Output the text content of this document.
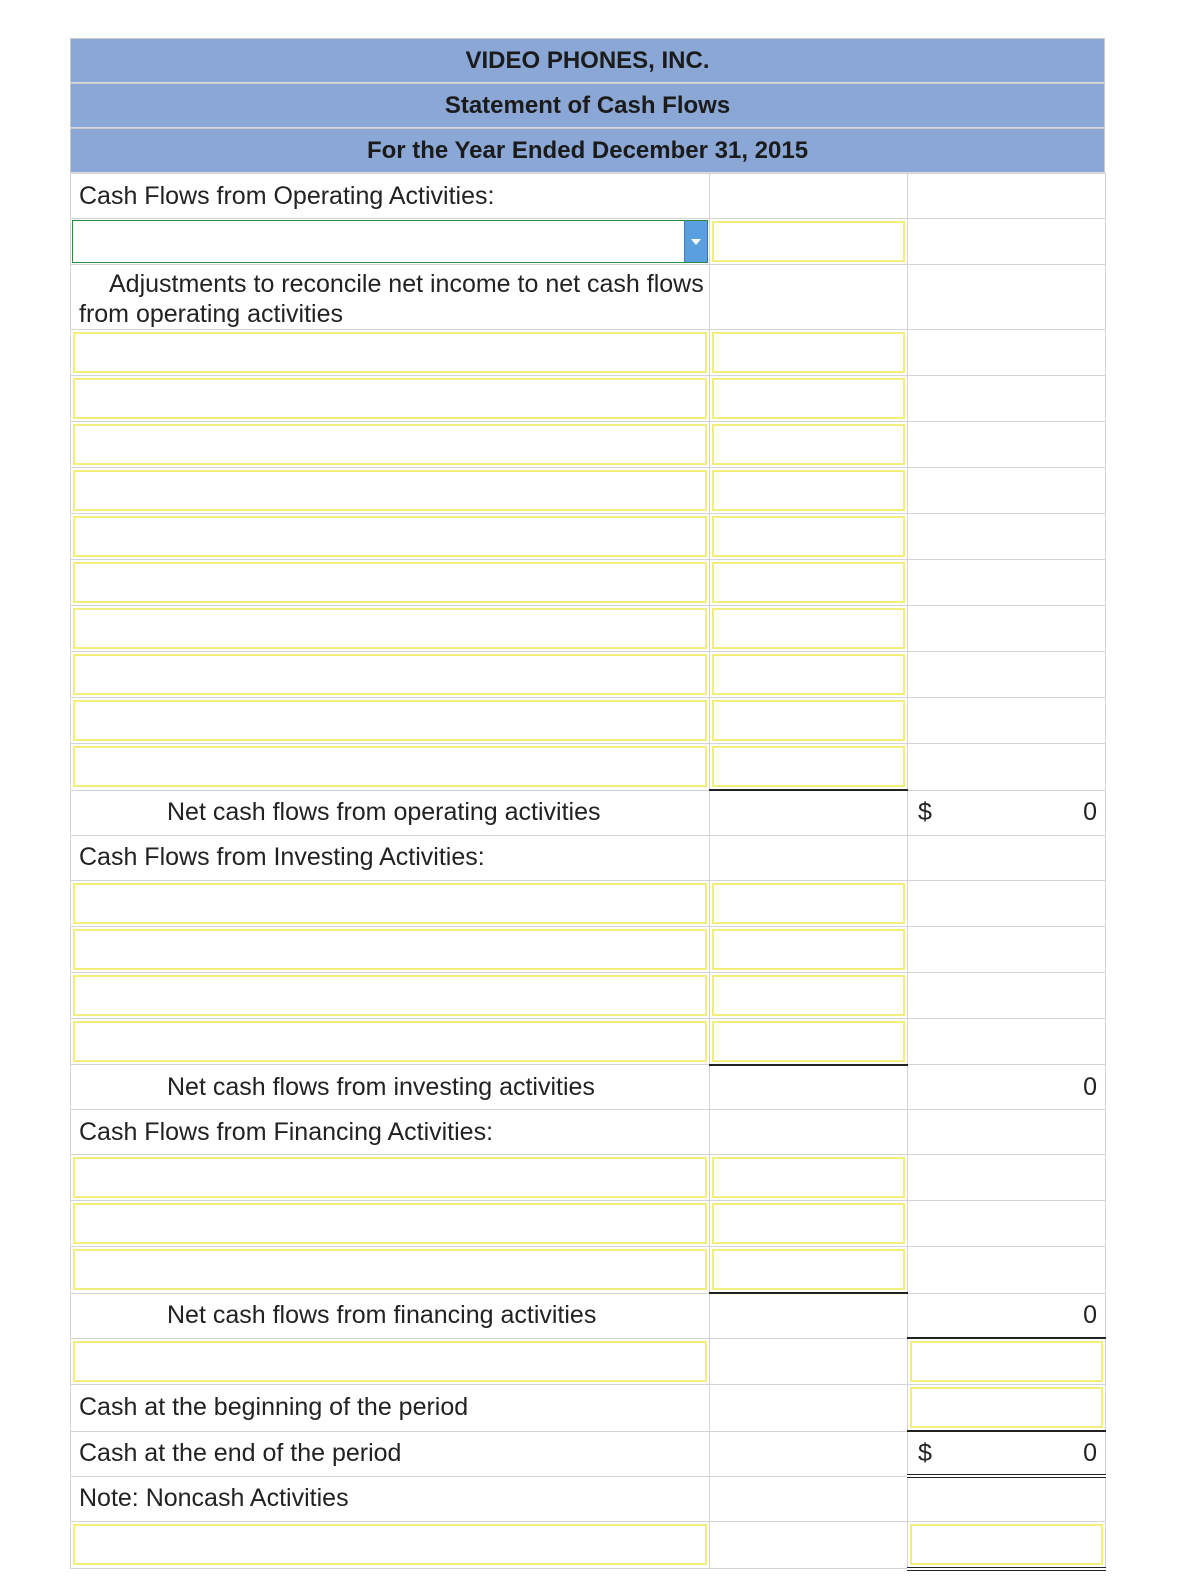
VIDEO PHONES, INC.
Statement of Cash Flows
For the Year Ended December 31, 2015
Cash Flows from Operating Activities:		

Adjustments to reconcile net income to net cash flows from operating activities		

Net cash flows from operating activities		$ 0

Cash Flows from Investing Activities:		

Net cash flows from investing activities		0

Cash Flows from Financing Activities:		

Net cash flows from financing activities		0

Cash at the beginning of the period		

Cash at the end of the period		$ 0

Note: Noncash Activities		
